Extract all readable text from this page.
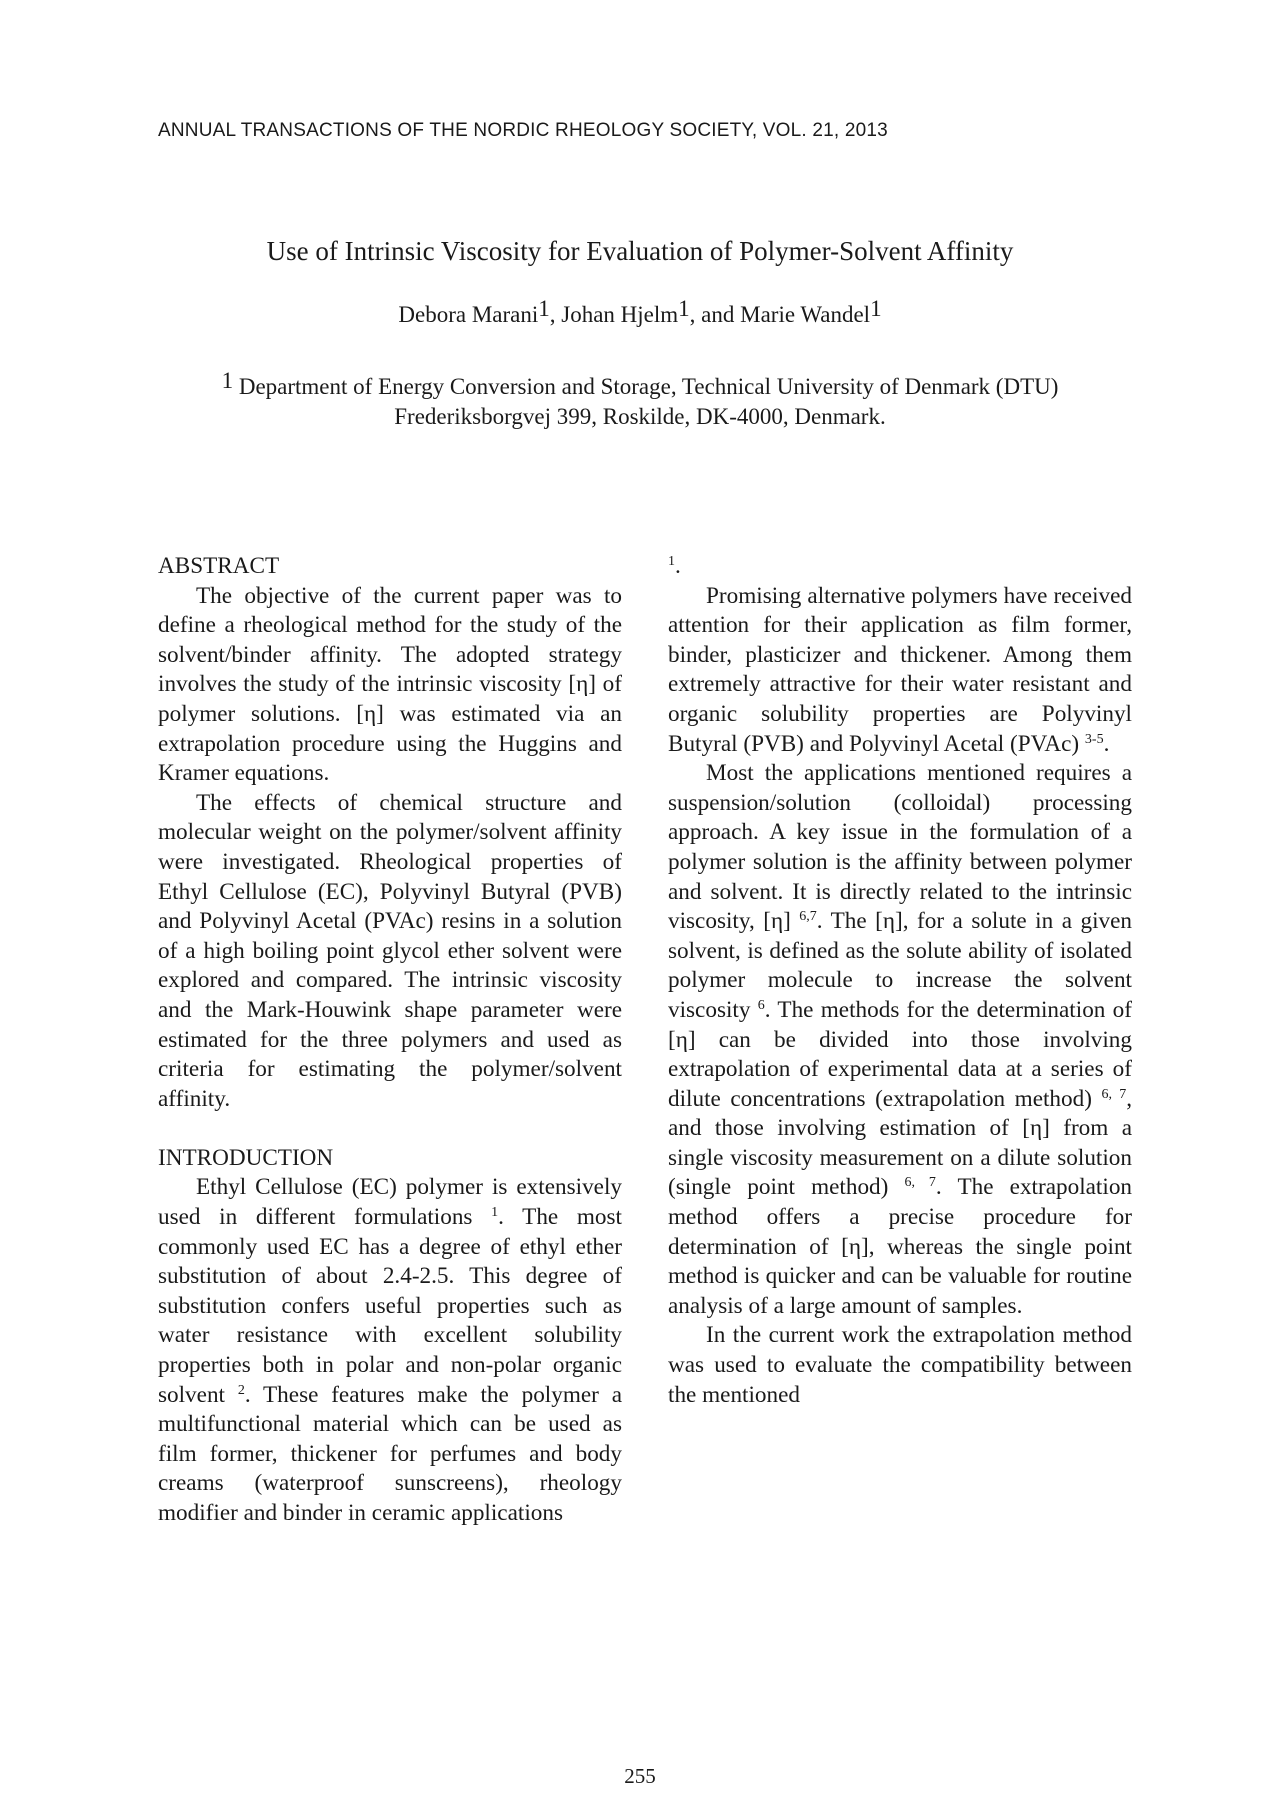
ANNUAL TRANSACTIONS OF THE NORDIC RHEOLOGY SOCIETY, VOL. 21, 2013
Use of Intrinsic Viscosity for Evaluation of Polymer-Solvent Affinity
Debora Marani$^1$, Johan Hjelm$^1$, and Marie Wandel$^1$
1 Department of Energy Conversion and Storage, Technical University of Denmark (DTU)
Frederiksborgvej 399, Roskilde, DK-4000, Denmark.
ABSTRACT

The objective of the current paper was to define a rheological method for the study of the solvent/binder affinity. The adopted strategy involves the study of the intrinsic viscosity [η] of polymer solutions. [η] was estimated via an extrapolation procedure using the Huggins and Kramer equations.

The effects of chemical structure and molecular weight on the polymer/solvent affinity were investigated. Rheological properties of Ethyl Cellulose (EC), Polyvinyl Butyral (PVB) and Polyvinyl Acetal (PVAc) resins in a solution of a high boiling point glycol ether solvent were explored and compared. The intrinsic viscosity and the Mark-Houwink shape parameter were estimated for the three polymers and used as criteria for estimating the polymer/solvent affinity.

INTRODUCTION

Ethyl Cellulose (EC) polymer is extensively used in different formulations $^1$. The most commonly used EC has a degree of ethyl ether substitution of about 2.4-2.5. This degree of substitution confers useful properties such as water resistance with excellent solubility properties both in polar and non-polar organic solvent $^2$. These features make the polymer a multifunctional material which can be used as film former, thickener for perfumes and body creams (waterproof sunscreens), rheology modifier and binder in ceramic applications

$^1$.

Promising alternative polymers have received attention for their application as film former, binder, plasticizer and thickener. Among them extremely attractive for their water resistant and organic solubility properties are Polyvinyl Butyral (PVB) and Polyvinyl Acetal (PVAc) $^{3-5}$.

Most the applications mentioned requires a suspension/solution (colloidal) processing approach. A key issue in the formulation of a polymer solution is the affinity between polymer and solvent. It is directly related to the intrinsic viscosity, [η] $^{6,7}$. The [η], for a solute in a given solvent, is defined as the solute ability of isolated polymer molecule to increase the solvent viscosity $^6$. The methods for the determination of [η] can be divided into those involving extrapolation of experimental data at a series of dilute concentrations (extrapolation method) $^{6, 7}$, and those involving estimation of [η] from a single viscosity measurement on a dilute solution (single point method) $^{6, 7}$. The extrapolation method offers a precise procedure for determination of [η], whereas the single point method is quicker and can be valuable for routine analysis of a large amount of samples.

In the current work the extrapolation method was used to evaluate the compatibility between the mentioned

255
